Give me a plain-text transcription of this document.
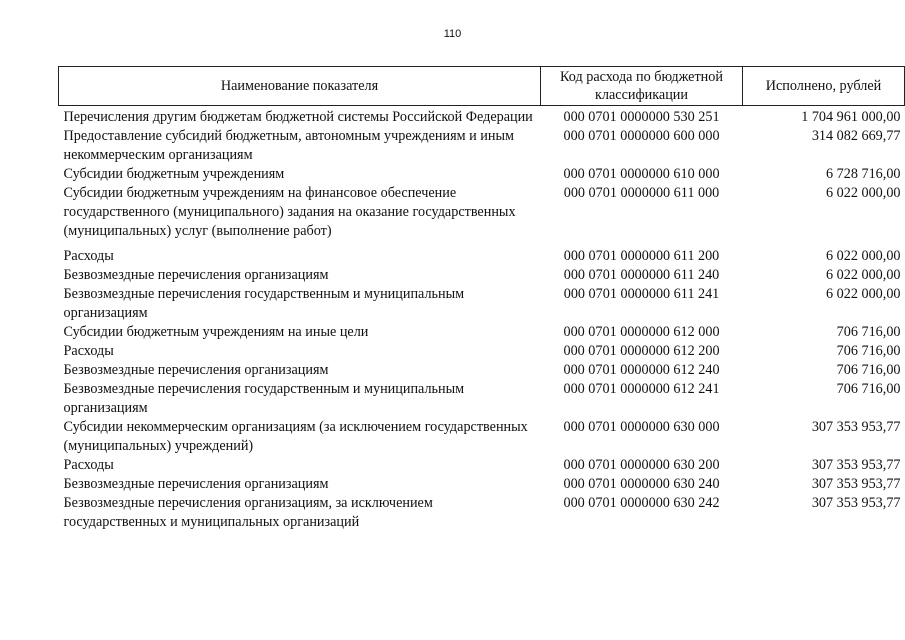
110
Наименование показателя	Код расхода по бюджетной классификации	Исполнено, рублей
Перечисления другим бюджетам бюджетной системы Российской Федерации	000 0701 0000000 530 251	1 704 961 000,00
Предоставление субсидий бюджетным, автономным учреждениям и иным некоммерческим организациям	000 0701 0000000 600 000	314 082 669,77
Субсидии бюджетным учреждениям	000 0701 0000000 610 000	6 728 716,00
Субсидии бюджетным учреждениям на финансовое обеспечение государственного (муниципального) задания на оказание государственных (муниципальных) услуг (выполнение работ)	000 0701 0000000 611 000	6 022 000,00
Расходы	000 0701 0000000 611 200	6 022 000,00
Безвозмездные перечисления организациям	000 0701 0000000 611 240	6 022 000,00
Безвозмездные перечисления государственным и муниципальным организациям	000 0701 0000000 611 241	6 022 000,00
Субсидии бюджетным учреждениям на иные цели	000 0701 0000000 612 000	706 716,00
Расходы	000 0701 0000000 612 200	706 716,00
Безвозмездные перечисления организациям	000 0701 0000000 612 240	706 716,00
Безвозмездные перечисления государственным и муниципальным организациям	000 0701 0000000 612 241	706 716,00
Субсидии некоммерческим организациям (за исключением государственных (муниципальных) учреждений)	000 0701 0000000 630 000	307 353 953,77
Расходы	000 0701 0000000 630 200	307 353 953,77
Безвозмездные перечисления организациям	000 0701 0000000 630 240	307 353 953,77
Безвозмездные перечисления организациям, за исключением государственных и муниципальных организаций	000 0701 0000000 630 242	307 353 953,77
